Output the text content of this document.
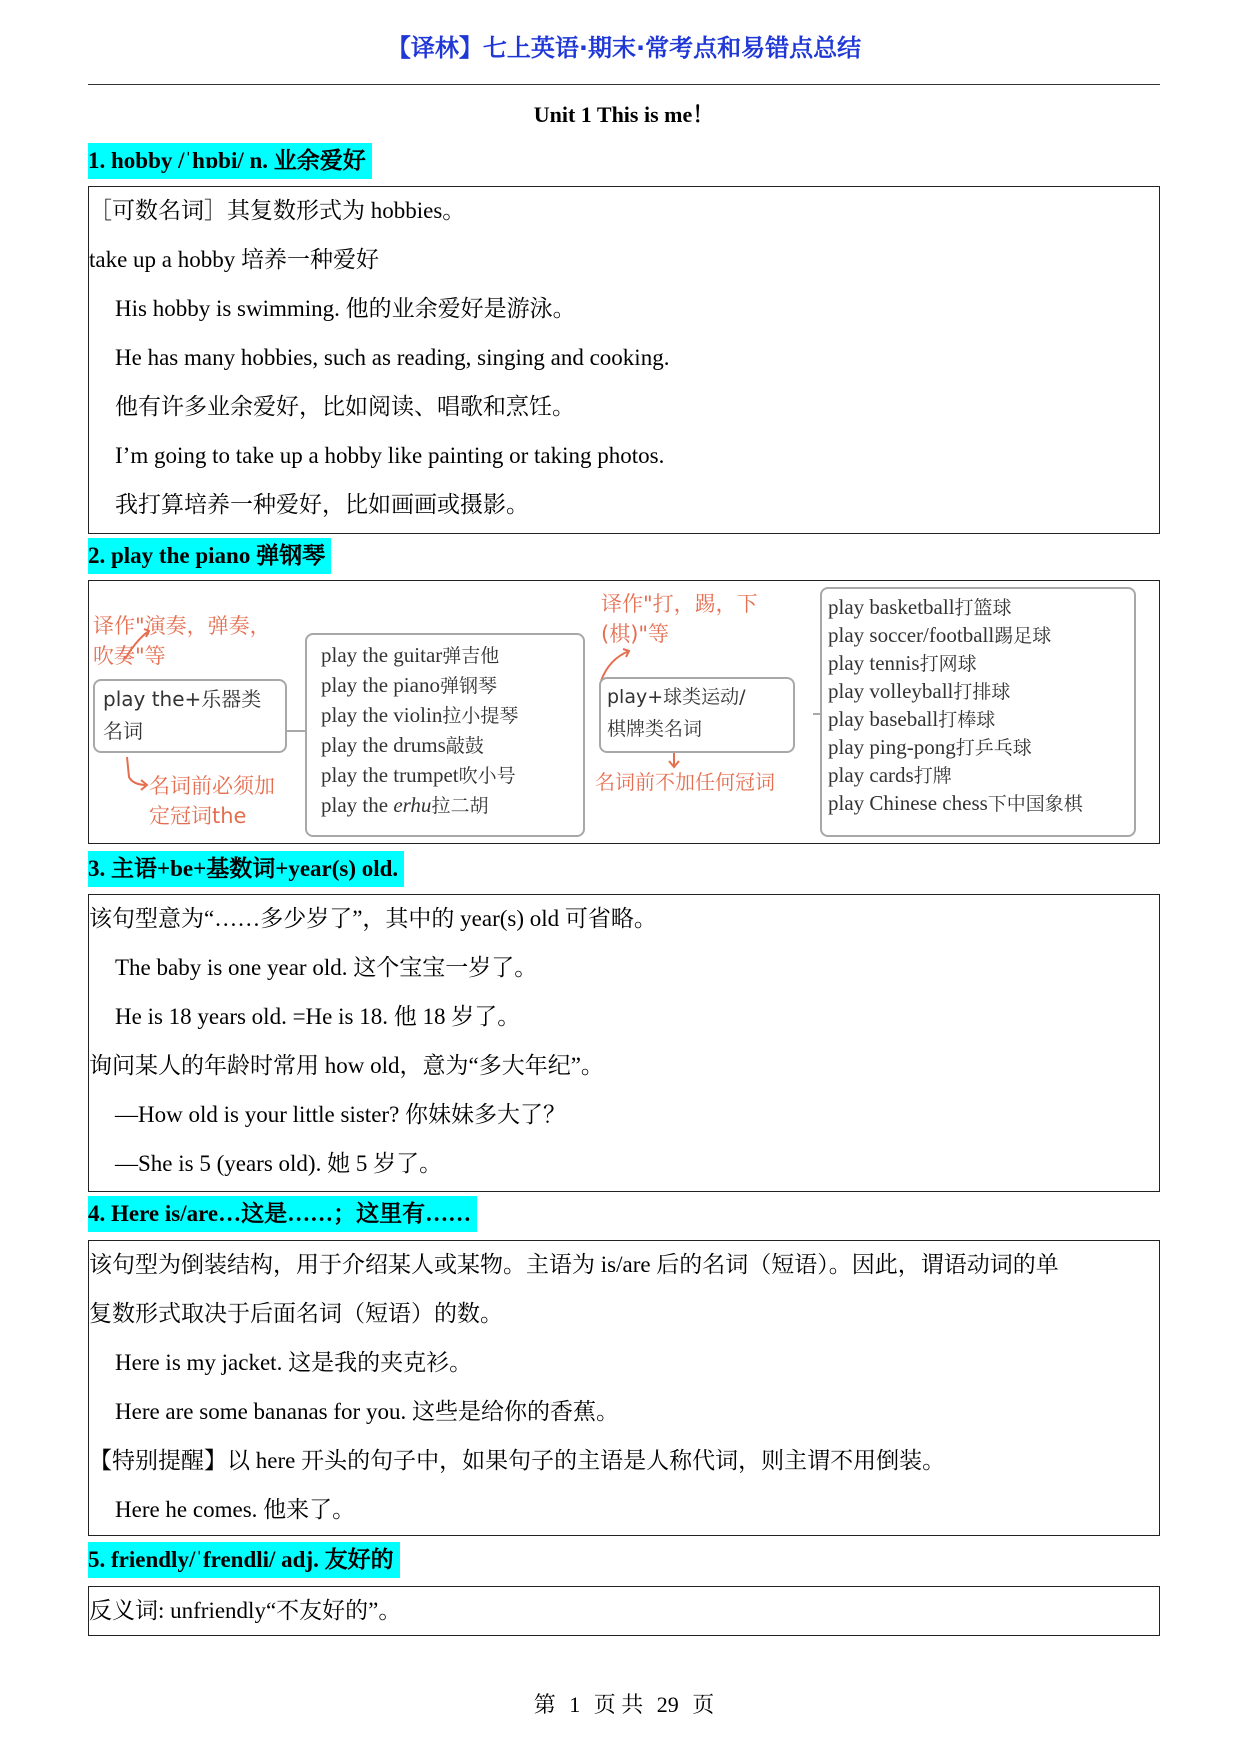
【译林】七上英语·期末·常考点和易错点总结
Unit 1 This is me！
1. hobby /ˈhɒbi/ n. 业余爱好
［可数名词］其复数形式为 hobbies。
take up a hobby 培养一种爱好
His hobby is swimming. 他的业余爱好是游泳。
He has many hobbies, such as reading, singing and cooking.
他有许多业余爱好，比如阅读、唱歌和烹饪。
I’m going to take up a hobby like painting or taking photos.
我打算培养一种爱好，比如画画或摄影。
2. play the piano 弹钢琴
译作"演奏，弹奏，
吹奏"等
play the+乐器类
名词
名词前必须加
定冠词the
play the guitar弹吉他
play the piano弹钢琴
play the violin拉小提琴
play the drums敲鼓
play the trumpet吹小号
play the erhu拉二胡
译作"打，踢，下
(棋)"等
play+球类运动/
棋牌类名词
名词前不加任何冠词
play basketball打篮球
play soccer/football踢足球
play tennis打网球
play volleyball打排球
play baseball打棒球
play ping-pong打乒乓球
play cards打牌
play Chinese chess下中国象棋
3. 主语+be+基数词+year(s) old.
该句型意为“……多少岁了”，其中的 year(s) old 可省略。
The baby is one year old. 这个宝宝一岁了。
He is 18 years old. =He is 18. 他 18 岁了。
询问某人的年龄时常用 how old，意为“多大年纪”。
—How old is your little sister? 你妹妹多大了？
—She is 5 (years old). 她 5 岁了。
4. Here is/are…这是……；这里有……
该句型为倒装结构，用于介绍某人或某物。主语为 is/are 后的名词（短语）。因此，谓语动词的单
复数形式取决于后面名词（短语）的数。
Here is my jacket. 这是我的夹克衫。
Here are some bananas for you. 这些是给你的香蕉。
【特别提醒】以 here 开头的句子中，如果句子的主语是人称代词，则主谓不用倒装。
Here he comes. 他来了。
5. friendly/ˈfrendli/ adj. 友好的
反义词: unfriendly“不友好的”。
第 1 页 共 29 页
